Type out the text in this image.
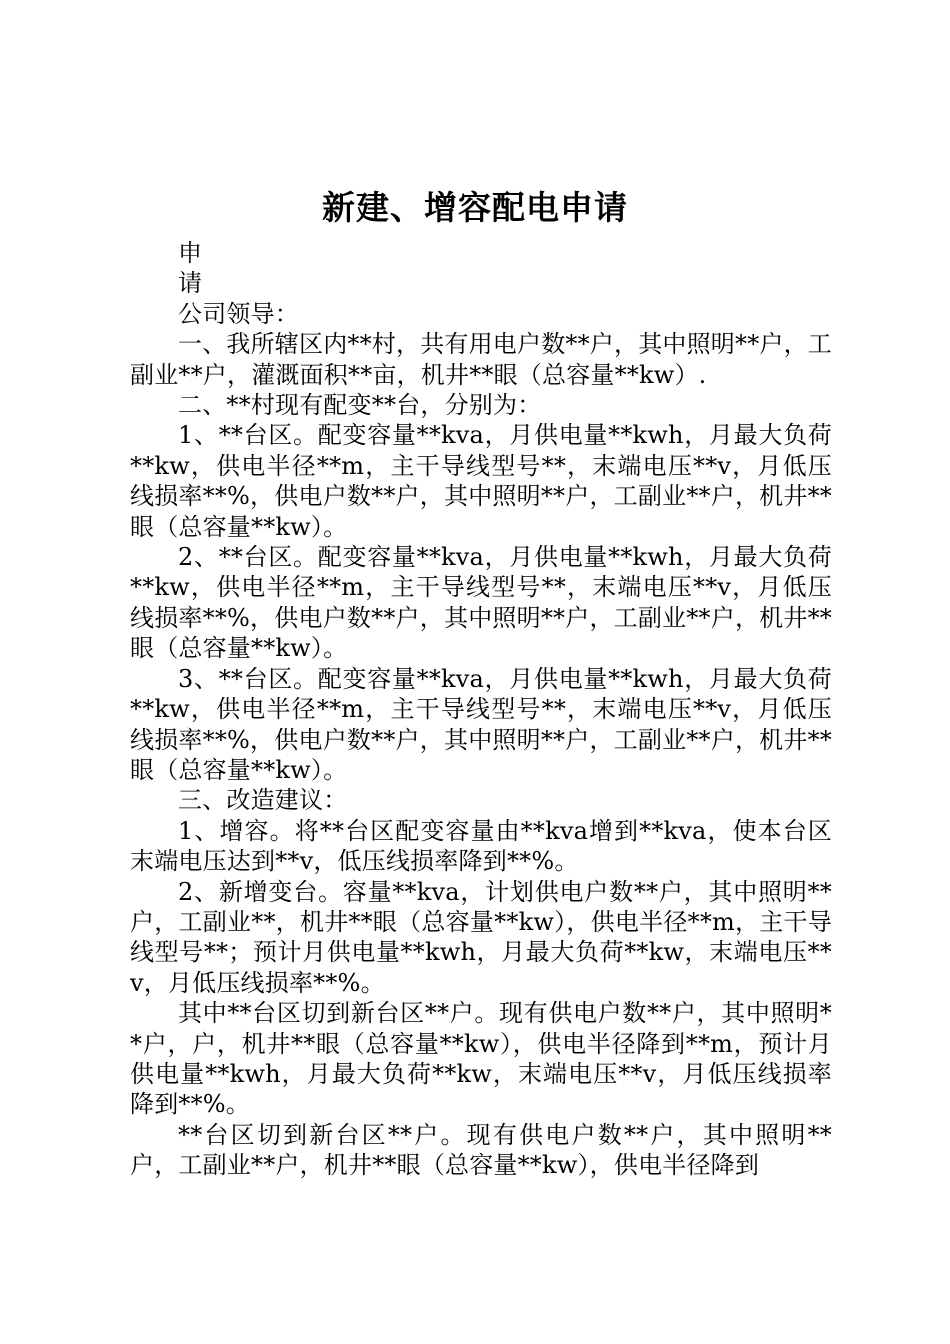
新建、增容配电申请

申

请

公司领导：

一、我所辖区内**村，共有用电户数**户，其中照明**户，工副业**户，灌溉面积**亩，机井**眼（总容量**kw）.

二、**村现有配变**台，分别为：

1、**台区。配变容量**kva，月供电量**kwh，月最大负荷**kw，供电半径**m，主干导线型号**，末端电压**v，月低压线损率**%，供电户数**户，其中照明**户，工副业**户，机井**眼（总容量**kw）。

2、**台区。配变容量**kva，月供电量**kwh，月最大负荷**kw，供电半径**m，主干导线型号**，末端电压**v，月低压线损率**%，供电户数**户，其中照明**户，工副业**户，机井**眼（总容量**kw）。

3、**台区。配变容量**kva，月供电量**kwh，月最大负荷**kw，供电半径**m，主干导线型号**，末端电压**v，月低压线损率**%，供电户数**户，其中照明**户，工副业**户，机井**眼（总容量**kw）。

三、改造建议：

1、增容。将**台区配变容量由**kva增到**kva，使本台区末端电压达到**v，低压线损率降到**%。

2、新增变台。容量**kva，计划供电户数**户，其中照明**户，工副业**，机井**眼（总容量**kw），供电半径**m，主干导线型号**；预计月供电量**kwh，月最大负荷**kw，末端电压**v，月低压线损率**%。

其中**台区切到新台区**户。现有供电户数**户，其中照明**户，户，机井**眼（总容量**kw），供电半径降到**m，预计月供电量**kwh，月最大负荷**kw，末端电压**v，月低压线损率降到**%。

**台区切到新台区**户。现有供电户数**户，其中照明**户，工副业**户，机井**眼（总容量**kw），供电半径降到
